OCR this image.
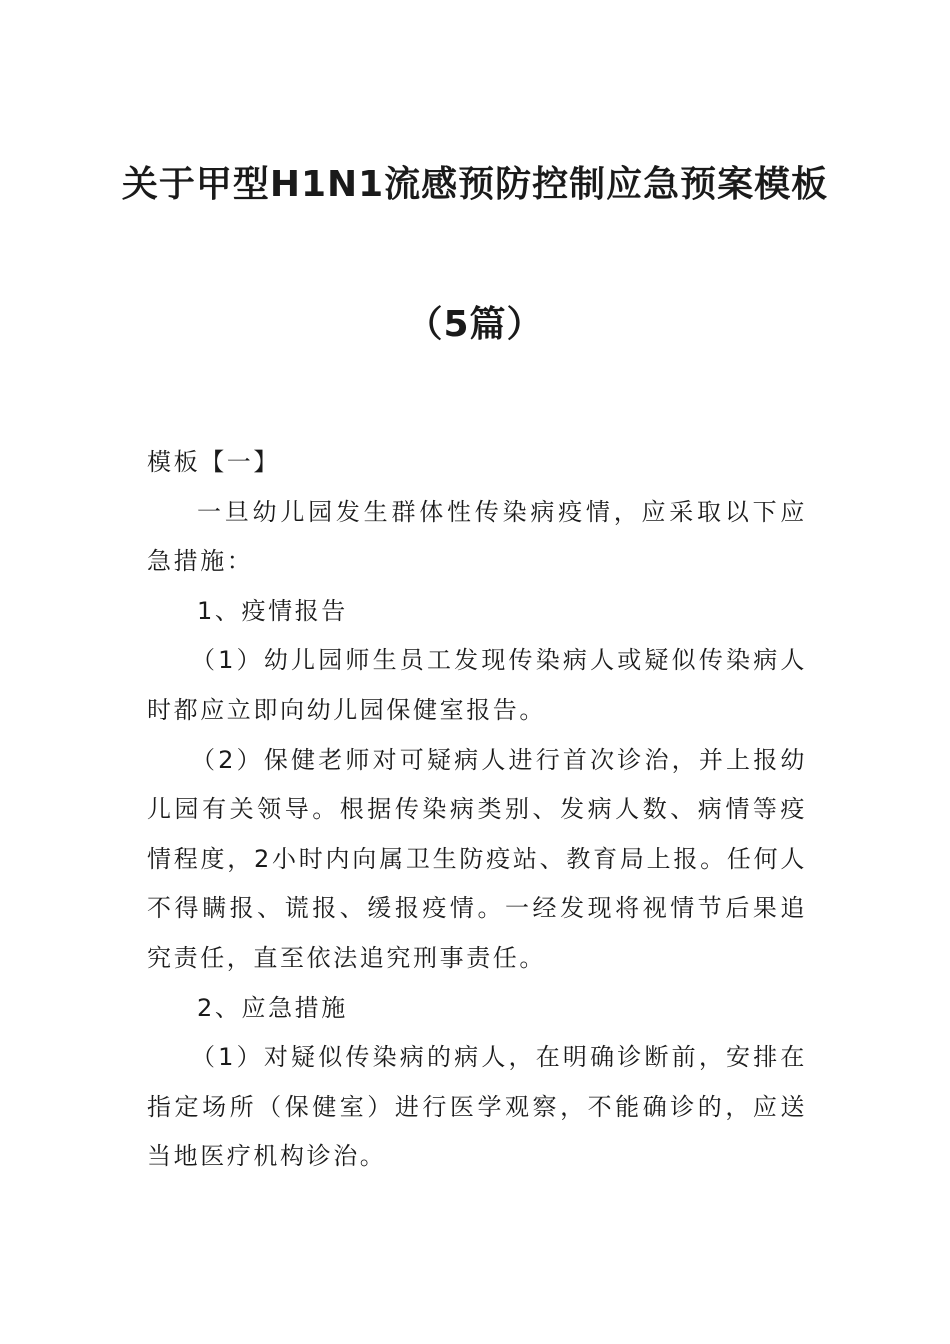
关于甲型H1N1流感预防控制应急预案模板
（5篇）

模板【一】

一旦幼儿园发生群体性传染病疫情，应采取以下应急措施：

1、疫情报告

（1）幼儿园师生员工发现传染病人或疑似传染病人时都应立即向幼儿园保健室报告。

（2）保健老师对可疑病人进行首次诊治，并上报幼儿园有关领导。根据传染病类别、发病人数、病情等疫情程度，2小时内向属卫生防疫站、教育局上报。任何人不得瞒报、谎报、缓报疫情。一经发现将视情节后果追究责任，直至依法追究刑事责任。

2、应急措施

（1）对疑似传染病的病人，在明确诊断前，安排在指定场所（保健室）进行医学观察，不能确诊的，应送当地医疗机构诊治。
